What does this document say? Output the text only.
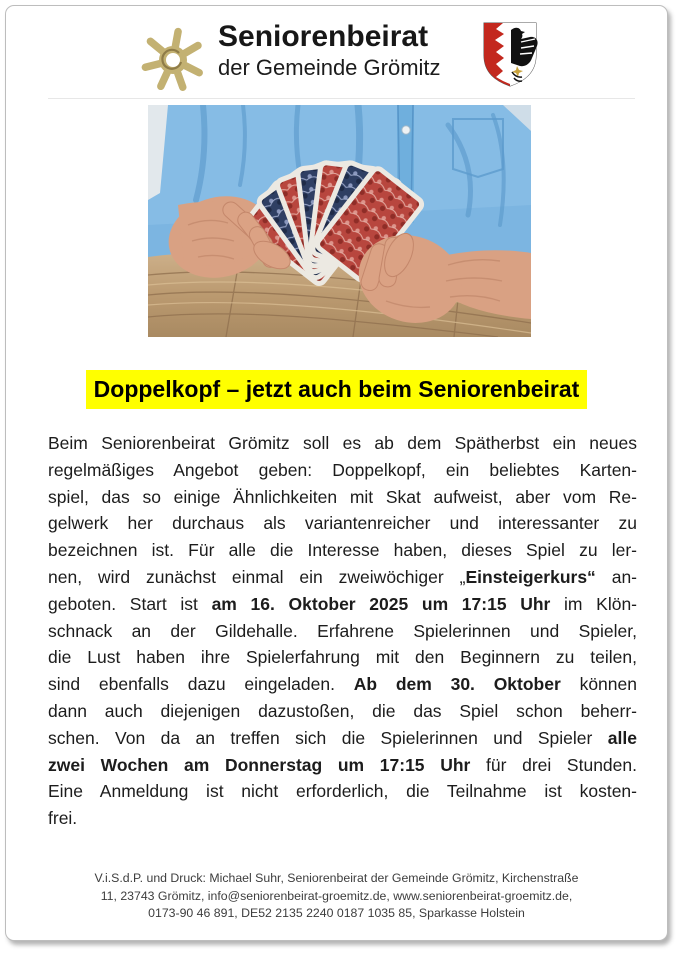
Seniorenbeirat
der Gemeinde Grömitz
Doppelkopf – jetzt auch beim Seniorenbeirat
Beim Seniorenbeirat Grömitz soll es ab dem Spätherbst ein neues
regelmäßiges Angebot geben: Doppelkopf, ein beliebtes Karten-
spiel, das so einige Ähnlichkeiten mit Skat aufweist, aber vom Re-
gelwerk her durchaus als variantenreicher und interessanter zu
bezeichnen ist. Für alle die Interesse haben, dieses Spiel zu ler-
nen, wird zunächst einmal ein zweiwöchiger „Einsteigerkurs“ an-
geboten. Start ist am 16. Oktober 2025 um 17:15 Uhr im Klön-
schnack an der Gildehalle. Erfahrene Spielerinnen und Spieler,
die Lust haben ihre Spielerfahrung mit den Beginnern zu teilen,
sind ebenfalls dazu eingeladen. Ab dem 30. Oktober können
dann auch diejenigen dazustoßen, die das Spiel schon beherr-
schen. Von da an treffen sich die Spielerinnen und Spieler alle
zwei Wochen am Donnerstag um 17:15 Uhr für drei Stunden.
Eine Anmeldung ist nicht erforderlich, die Teilnahme ist kosten-
frei.
V.i.S.d.P. und Druck: Michael Suhr, Seniorenbeirat der Gemeinde Grömitz, Kirchenstraße
11, 23743 Grömitz, info@seniorenbeirat-groemitz.de, www.seniorenbeirat-groemitz.de,
0173-90 46 891, DE52 2135 2240 0187 1035 85, Sparkasse Holstein
